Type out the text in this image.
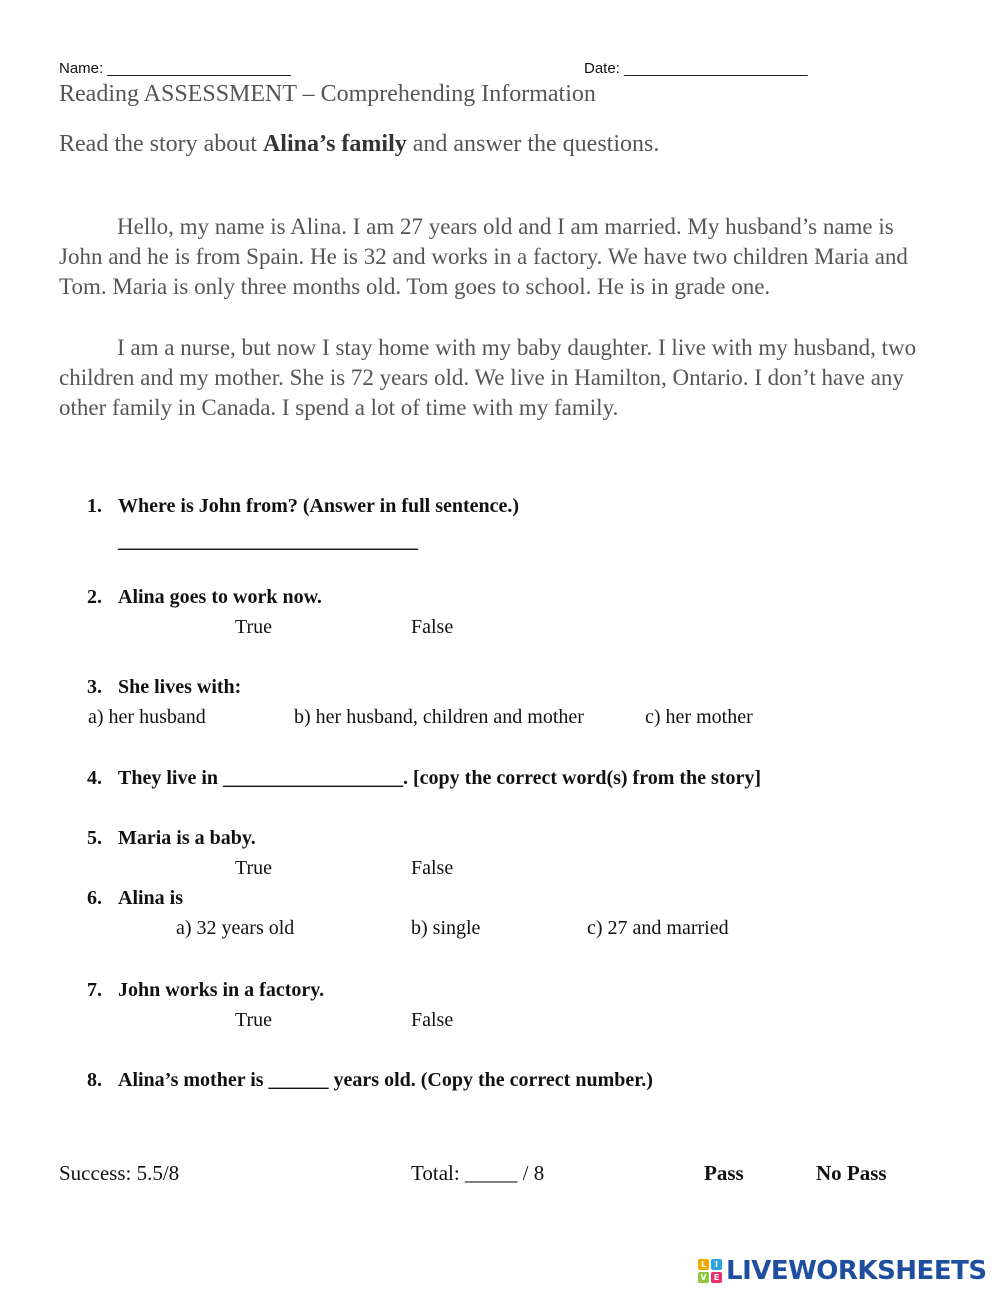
Name: ______________________	Date: ______________________
Reading ASSESSMENT – Comprehending Information
Read the story about Alina’s family and answer the questions.

Hello, my name is Alina. I am 27 years old and I am married. My husband’s name is John and he is from Spain. He is 32 and works in a factory. We have two children Maria and Tom. Maria is only three months old. Tom goes to school. He is in grade one.

I am a nurse, but now I stay home with my baby daughter. I live with my husband, two children and my mother. She is 72 years old. We live in Hamilton, Ontario. I don’t have any other family in Canada. I spend a lot of time with my family.

1. Where is John from? (Answer in full sentence.)
______________________________
2. Alina goes to work now.
True	False
3. She lives with:
a) her husband	b) her husband, children and mother	c) her mother
4. They live in __________________. [copy the correct word(s) from the story]
5. Maria is a baby.
True	False
6. Alina is
a) 32 years old	b) single	c) 27 and married
7. John works in a factory.
True	False
8. Alina’s mother is ______ years old. (Copy the correct number.)
Success: 5.5/8	Total: _____ / 8	Pass	No Pass
L	I
V E LIVEWORKSHEETS
